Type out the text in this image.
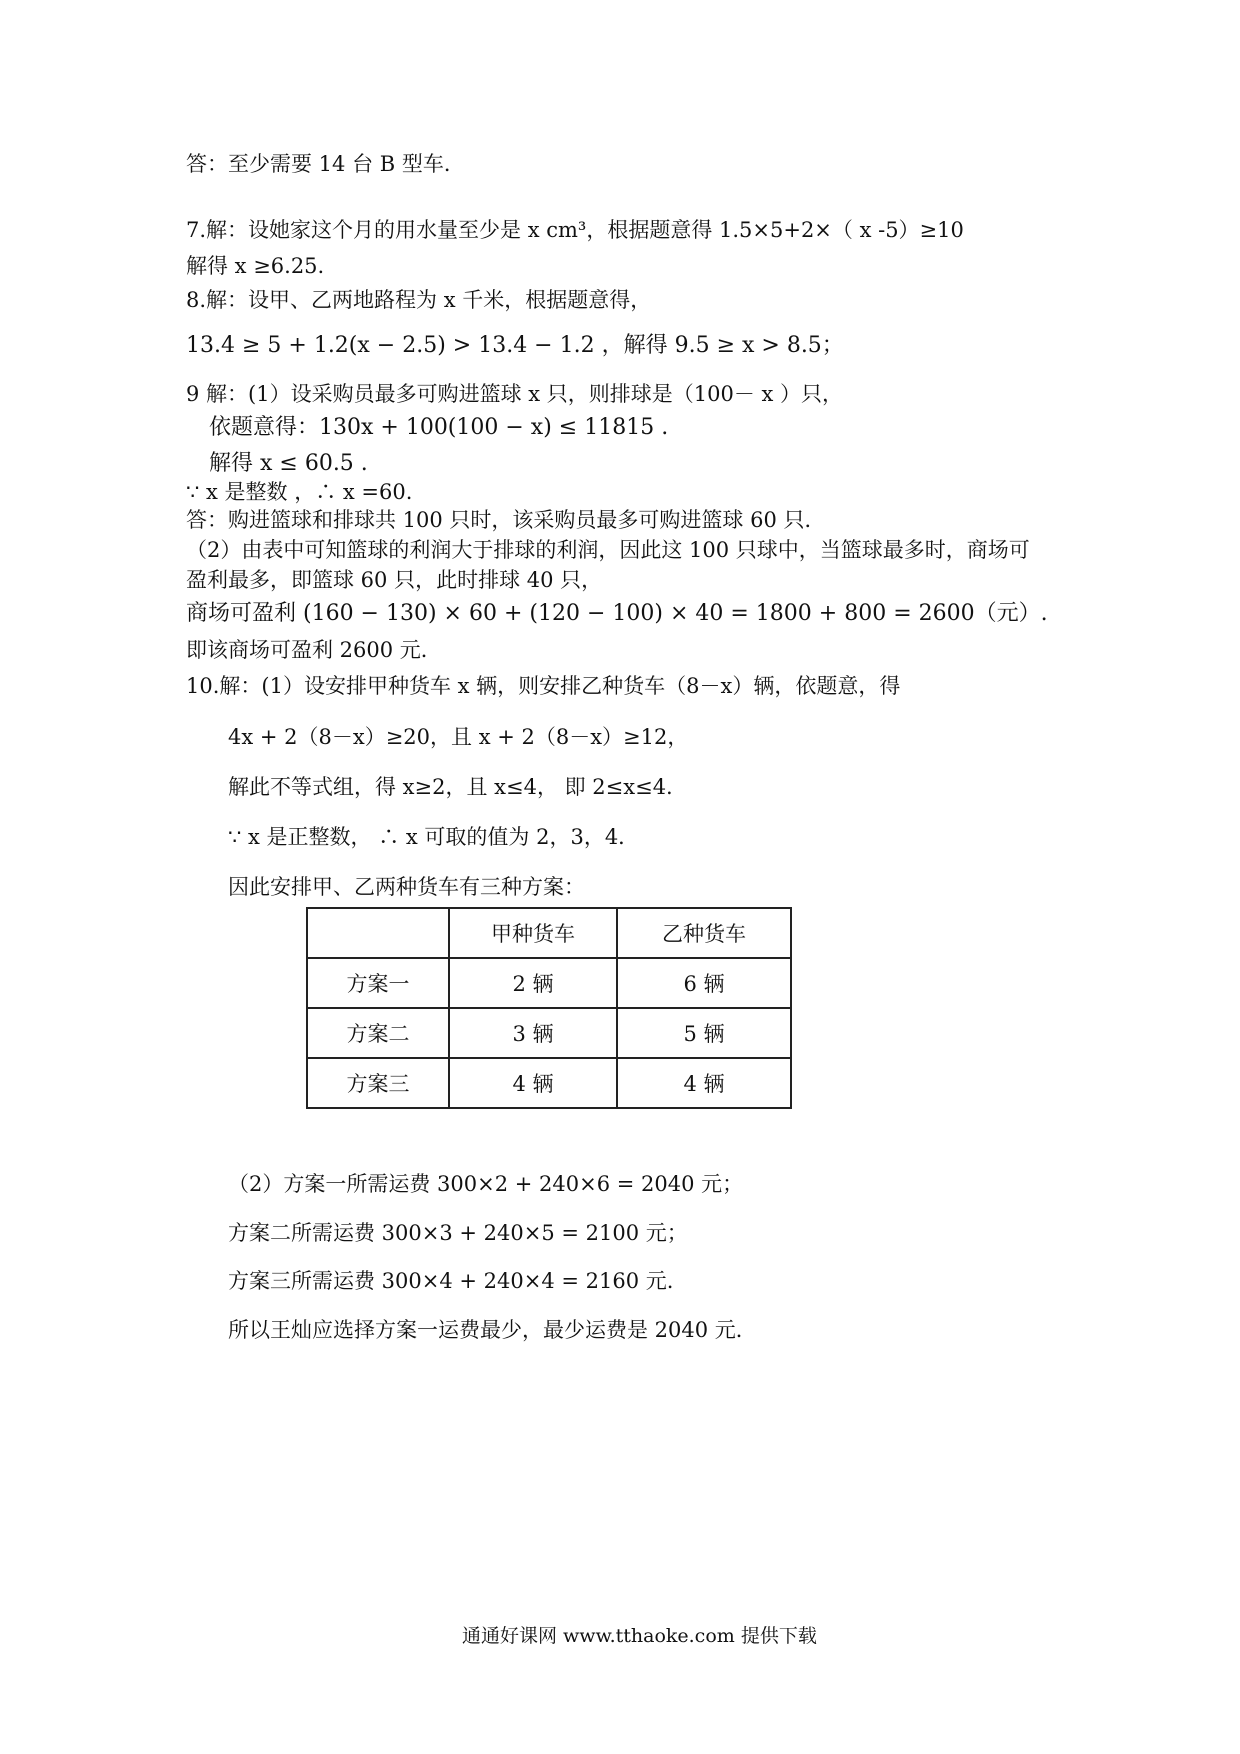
答：至少需要 14 台 B 型车．
7.解：设她家这个月的用水量至少是 x cm³，根据题意得 1.5×5+2×（ x -5）≥10
解得 x ≥6.25.
8.解：设甲、乙两地路程为 x 千米，根据题意得，
13.4 ≥ 5 + 1.2(x − 2.5) > 13.4 − 1.2 ，解得 9.5 ≥ x > 8.5；
9 解：(1）设采购员最多可购进篮球 x 只，则排球是（100－ x ）只，
依题意得：130x + 100(100 − x) ≤ 11815 .
解得 x ≤ 60.5 .
∵ x 是整数 ，∴ x =60.
答：购进篮球和排球共 100 只时，该采购员最多可购进篮球 60 只．
（2）由表中可知篮球的利润大于排球的利润，因此这 100 只球中，当篮球最多时，商场可
盈利最多，即篮球 60 只，此时排球 40 只，
商场可盈利 (160 − 130) × 60 + (120 − 100) × 40 = 1800 + 800 = 2600（元）.
即该商场可盈利 2600 元．
10.解：(1）设安排甲种货车 x 辆，则安排乙种货车（8－x）辆，依题意，得
4x + 2（8－x）≥20，且 x + 2（8－x）≥12，
解此不等式组，得 x≥2，且 x≤4， 即 2≤x≤4.
∵ x 是正整数， ∴ x 可取的值为 2，3，4．
因此安排甲、乙两种货车有三种方案：
	甲种货车	乙种货车
方案一	2 辆	6 辆
方案二	3 辆	5 辆
方案三	4 辆	4 辆
（2）方案一所需运费 300×2 + 240×6 = 2040 元；
方案二所需运费 300×3 + 240×5 = 2100 元；
方案三所需运费 300×4 + 240×4 = 2160 元.
所以王灿应选择方案一运费最少，最少运费是 2040 元．
通通好课网 www.tthaoke.com 提供下载
